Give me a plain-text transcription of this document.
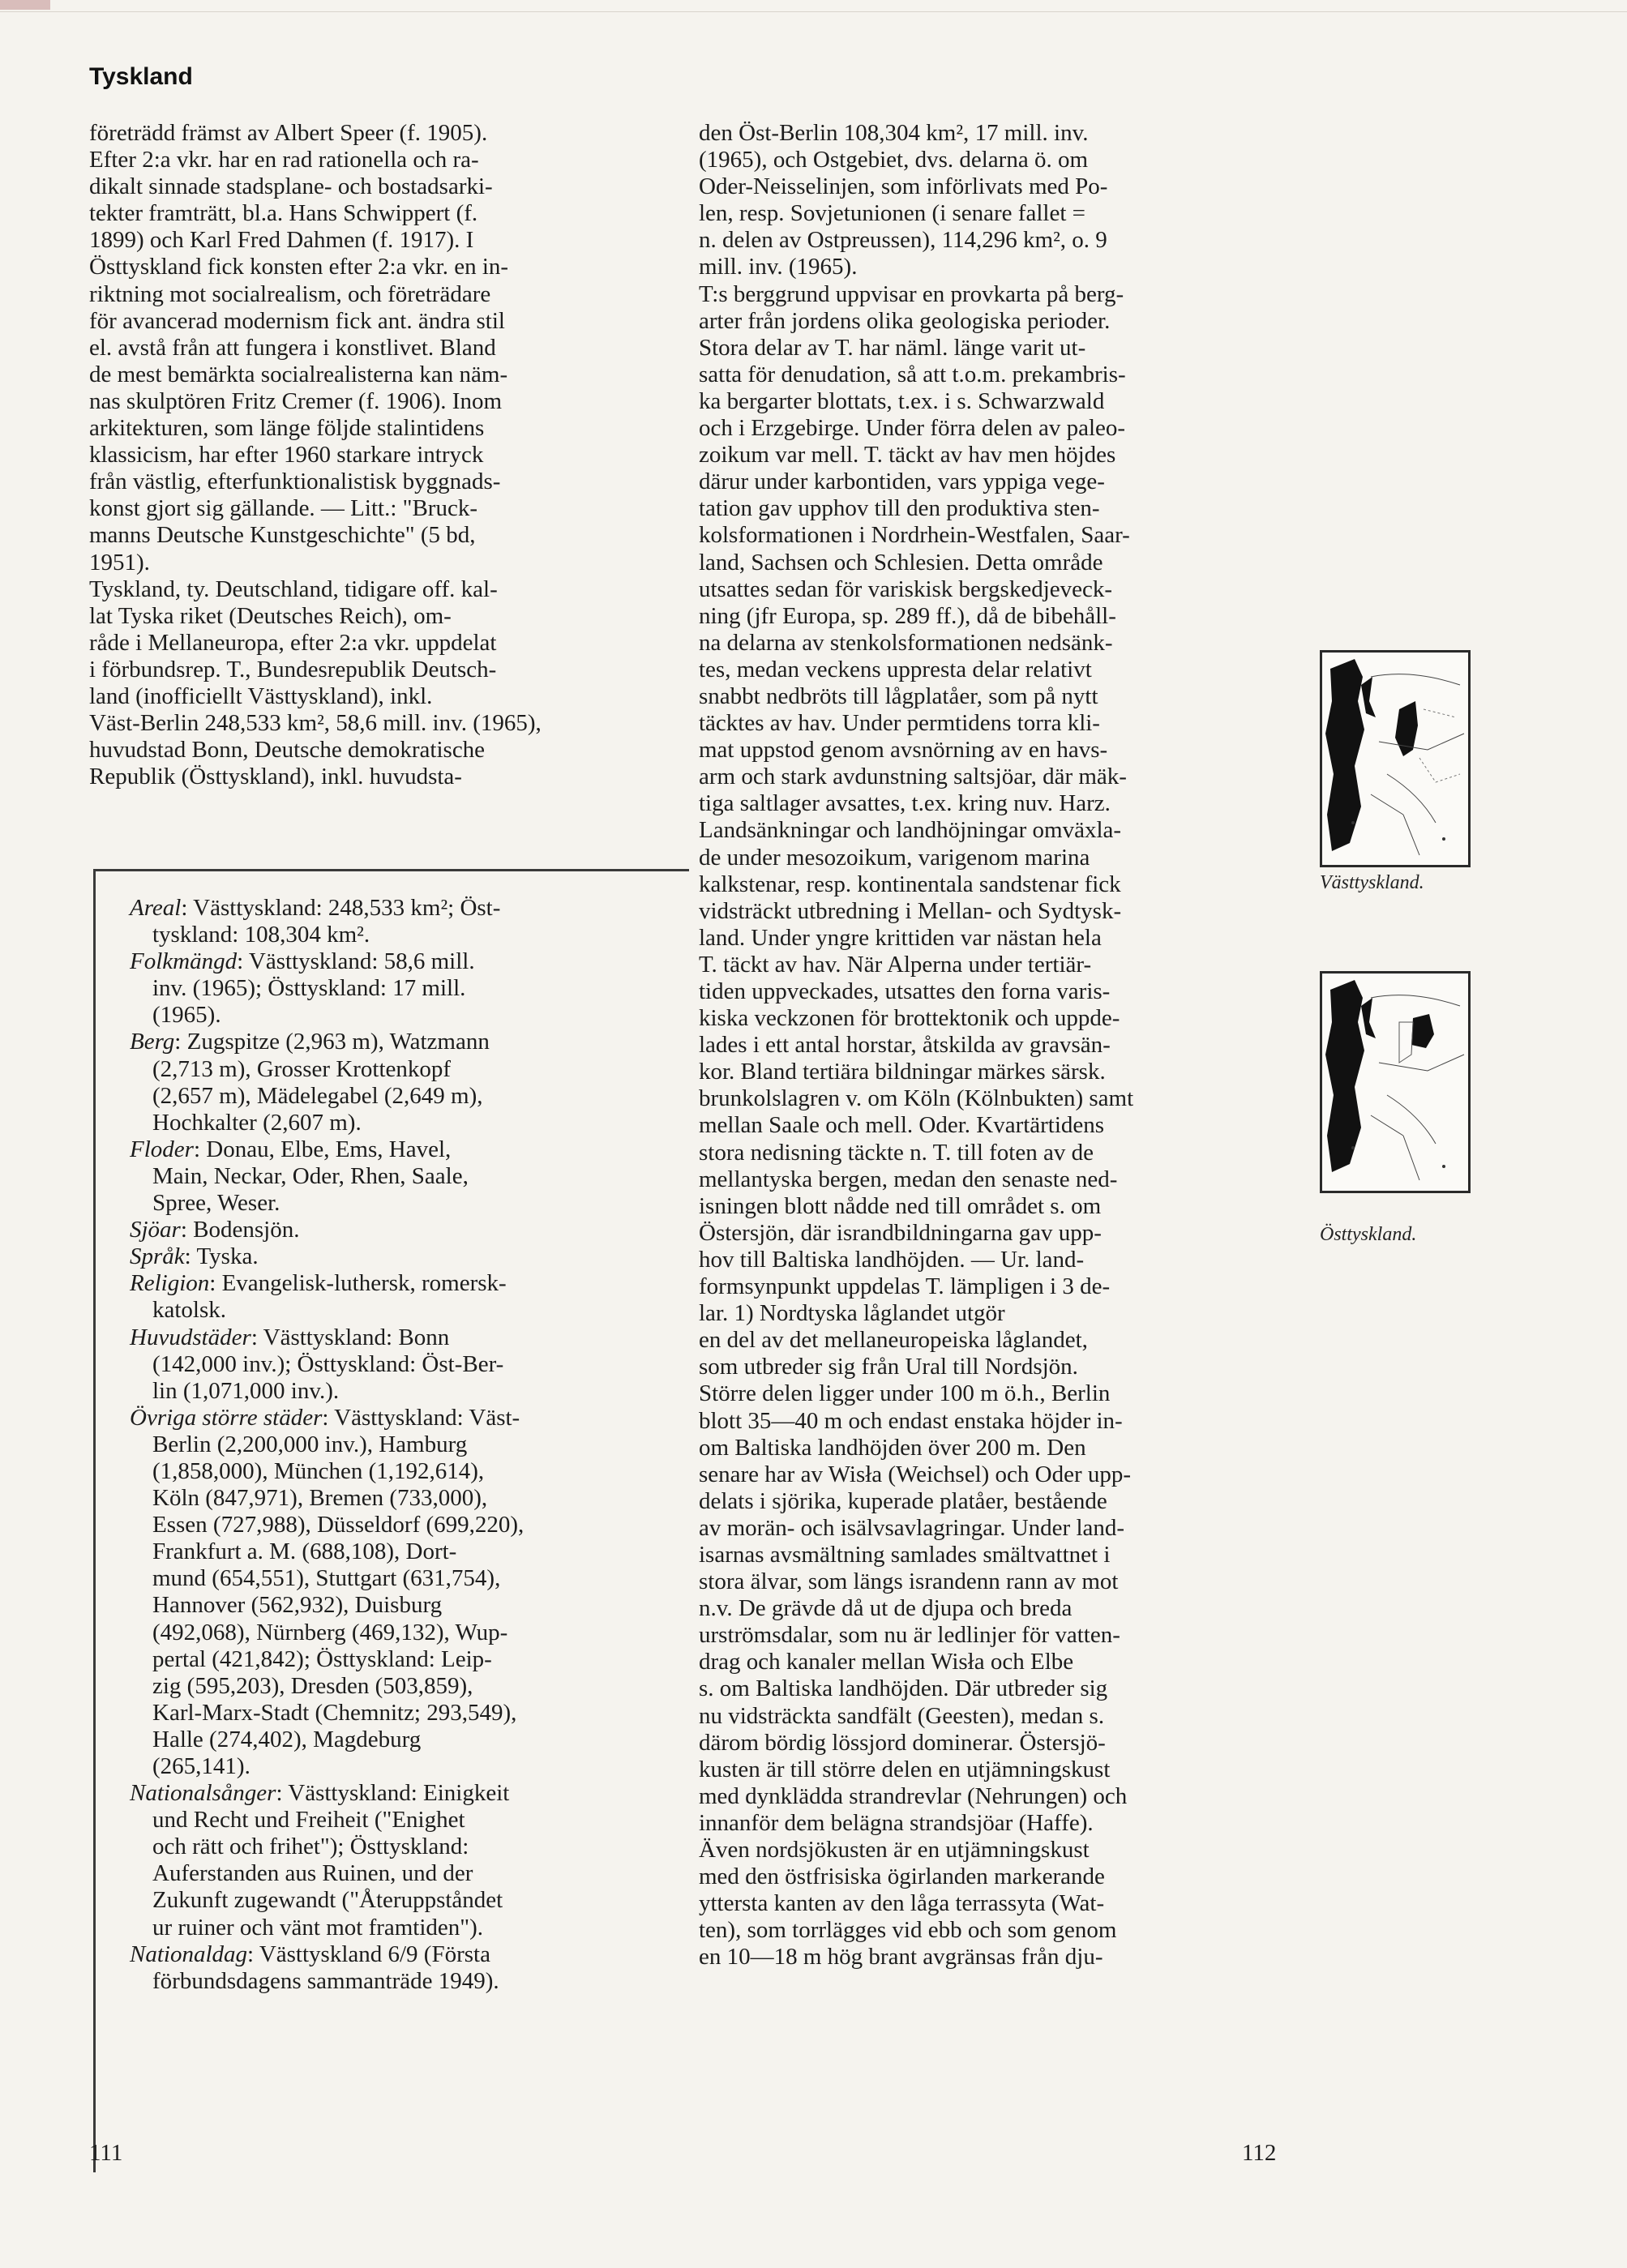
Tyskland
företrädd främst av Albert Speer (f. 1905).
Efter 2:a vkr. har en rad rationella och ra-
dikalt sinnade stadsplane- och bostadsarki-
tekter framträtt, bl.a. Hans Schwippert (f.
1899) och Karl Fred Dahmen (f. 1917). I
Östtyskland fick konsten efter 2:a vkr. en in-
riktning mot socialrealism, och företrädare
för avancerad modernism fick ant. ändra stil
el. avstå från att fungera i konstlivet. Bland
de mest bemärkta socialrealisterna kan näm-
nas skulptören Fritz Cremer (f. 1906). Inom
arkitekturen, som länge följde stalintidens
klassicism, har efter 1960 starkare intryck
från västlig, efterfunktionalistisk byggnads-
konst gjort sig gällande. — Litt.: "Bruck-
manns Deutsche Kunstgeschichte" (5 bd,
1951).
Tyskland, ty. Deutschland, tidigare off. kal-
lat Tyska riket (Deutsches Reich), om-
råde i Mellaneuropa, efter 2:a vkr. uppdelat
i förbundsrep. T., Bundesrepublik Deutsch-
land (inofficiellt Västtyskland), inkl.
Väst-Berlin 248,533 km², 58,6 mill. inv. (1965),
huvudstad Bonn, Deutsche demokratische
Republik (Östtyskland), inkl. huvudsta-
Areal: Västtyskland: 248,533 km²; Öst-
tyskland: 108,304 km².
Folkmängd: Västtyskland: 58,6 mill.
inv. (1965); Östtyskland: 17 mill.
(1965).
Berg: Zugspitze (2,963 m), Watzmann
(2,713 m), Grosser Krottenkopf
(2,657 m), Mädelegabel (2,649 m),
Hochkalter (2,607 m).
Floder: Donau, Elbe, Ems, Havel,
Main, Neckar, Oder, Rhen, Saale,
Spree, Weser.
Sjöar: Bodensjön.
Språk: Tyska.
Religion: Evangelisk-luthersk, romersk-
katolsk.
Huvudstäder: Västtyskland: Bonn
(142,000 inv.); Östtyskland: Öst-Ber-
lin (1,071,000 inv.).
Övriga större städer: Västtyskland: Väst-
Berlin (2,200,000 inv.), Hamburg
(1,858,000), München (1,192,614),
Köln (847,971), Bremen (733,000),
Essen (727,988), Düsseldorf (699,220),
Frankfurt a. M. (688,108), Dort-
mund (654,551), Stuttgart (631,754),
Hannover (562,932), Duisburg
(492,068), Nürnberg (469,132), Wup-
pertal (421,842); Östtyskland: Leip-
zig (595,203), Dresden (503,859),
Karl-Marx-Stadt (Chemnitz; 293,549),
Halle (274,402), Magdeburg
(265,141).
Nationalsånger: Västtyskland: Einigkeit
und Recht und Freiheit ("Enighet
och rätt och frihet"); Östtyskland:
Auferstanden aus Ruinen, und der
Zukunft zugewandt ("Återuppståndet
ur ruiner och vänt mot framtiden").
Nationaldag: Västtyskland 6/9 (Första
förbundsdagens sammanträde 1949).
den Öst-Berlin 108,304 km², 17 mill. inv.
(1965), och Ostgebiet, dvs. delarna ö. om
Oder-Neisselinjen, som införlivats med Po-
len, resp. Sovjetunionen (i senare fallet =
n. delen av Ostpreussen), 114,296 km², o. 9
mill. inv. (1965).
T:s berggrund uppvisar en provkarta på berg-
arter från jordens olika geologiska perioder.
Stora delar av T. har näml. länge varit ut-
satta för denudation, så att t.o.m. prekambris-
ka bergarter blottats, t.ex. i s. Schwarzwald
och i Erzgebirge. Under förra delen av paleo-
zoikum var mell. T. täckt av hav men höjdes
därur under karbontiden, vars yppiga vege-
tation gav upphov till den produktiva sten-
kolsformationen i Nordrhein-Westfalen, Saar-
land, Sachsen och Schlesien. Detta område
utsattes sedan för variskisk bergskedjeveck-
ning (jfr Europa, sp. 289 ff.), då de bibehåll-
na delarna av stenkolsformationen nedsänk-
tes, medan veckens uppresta delar relativt
snabbt nedbröts till lågplatåer, som på nytt
täcktes av hav. Under permtidens torra kli-
mat uppstod genom avsnörning av en havs-
arm och stark avdunstning saltsjöar, där mäk-
tiga saltlager avsattes, t.ex. kring nuv. Harz.
Landsänkningar och landhöjningar omväxla-
de under mesozoikum, varigenom marina
kalkstenar, resp. kontinentala sandstenar fick
vidsträckt utbredning i Mellan- och Sydtysk-
land. Under yngre krittiden var nästan hela
T. täckt av hav. När Alperna under tertiär-
tiden uppveckades, utsattes den forna varis-
kiska veckzonen för brottektonik och uppde-
lades i ett antal horstar, åtskilda av gravsän-
kor. Bland tertiära bildningar märkes särsk.
brunkolslagren v. om Köln (Kölnbukten) samt
mellan Saale och mell. Oder. Kvartärtidens
stora nedisning täckte n. T. till foten av de
mellantyska bergen, medan den senaste ned-
isningen blott nådde ned till området s. om
Östersjön, där israndbildningarna gav upp-
hov till Baltiska landhöjden. — Ur. land-
formsynpunkt uppdelas T. lämpligen i 3 de-
lar. 1) Nordtyska låglandet utgör
en del av det mellaneuropeiska låglandet,
som utbreder sig från Ural till Nordsjön.
Större delen ligger under 100 m ö.h., Berlin
blott 35—40 m och endast enstaka höjder in-
om Baltiska landhöjden över 200 m. Den
senare har av Wisła (Weichsel) och Oder upp-
delats i sjörika, kuperade platåer, bestående
av morän- och isälvsavlagringar. Under land-
isarnas avsmältning samlades smältvattnet i
stora älvar, som längs israndenn rann av mot
n.v. De grävde då ut de djupa och breda
urströmsdalar, som nu är ledlinjer för vatten-
drag och kanaler mellan Wisła och Elbe
s. om Baltiska landhöjden. Där utbreder sig
nu vidsträckta sandfält (Geesten), medan s.
därom bördig lössjord dominerar. Östersjö-
kusten är till större delen en utjämningskust
med dynklädda strandrevlar (Nehrungen) och
innanför dem belägna strandsjöar (Haffe).
Även nordsjökusten är en utjämningskust
med den östfrisiska ögirlanden markerande
yttersta kanten av den låga terrassyta (Wat-
ten), som torrlägges vid ebb och som genom
en 10—18 m hög brant avgränsas från dju-
Västtyskland.
Östtyskland.
111	112
